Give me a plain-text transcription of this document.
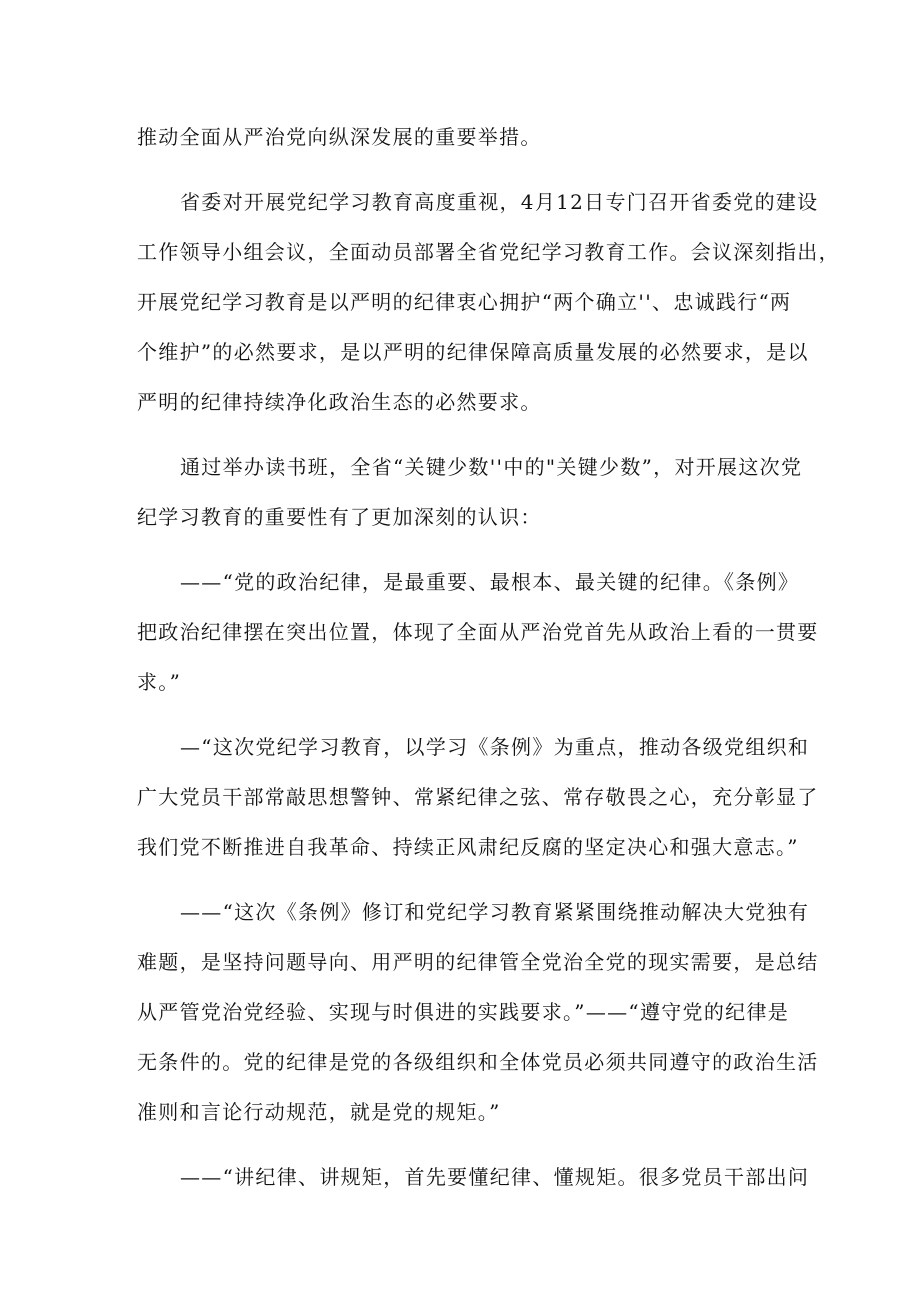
推动全面从严治党向纵深发展的重要举措。
省委对开展党纪学习教育高度重视，4月12日专门召开省委党的建设
工作领导小组会议，全面动员部署全省党纪学习教育工作。会议深刻指出，
开展党纪学习教育是以严明的纪律衷心拥护“两个确立''、忠诚践行“两
个维护”的必然要求，是以严明的纪律保障高质量发展的必然要求，是以
严明的纪律持续净化政治生态的必然要求。
通过举办读书班，全省“关键少数''中的"关键少数”，对开展这次党
纪学习教育的重要性有了更加深刻的认识：
——“党的政治纪律，是最重要、最根本、最关键的纪律。《条例》
把政治纪律摆在突出位置，体现了全面从严治党首先从政治上看的一贯要
求。”
—“这次党纪学习教育，以学习《条例》为重点，推动各级党组织和
广大党员干部常敲思想警钟、常紧纪律之弦、常存敬畏之心，充分彰显了
我们党不断推进自我革命、持续正风肃纪反腐的坚定决心和强大意志。”
——“这次《条例》修订和党纪学习教育紧紧围绕推动解决大党独有
难题，是坚持问题导向、用严明的纪律管全党治全党的现实需要，是总结
从严管党治党经验、实现与时俱进的实践要求。”——“遵守党的纪律是
无条件的。党的纪律是党的各级组织和全体党员必须共同遵守的政治生活
准则和言论行动规范，就是党的规矩。”
——“讲纪律、讲规矩，首先要懂纪律、懂规矩。很多党员干部出问
